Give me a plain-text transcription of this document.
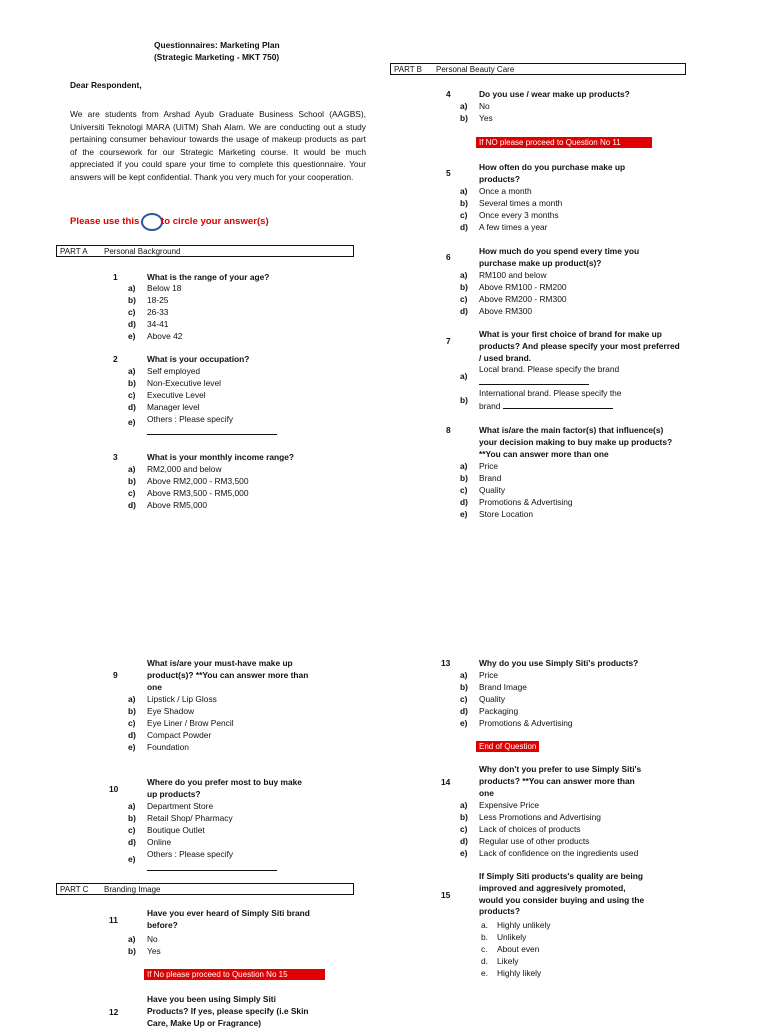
Questionnaires: Marketing Plan
(Strategic Marketing - MKT 750)
Dear Respondent,

We are students from Arshad Ayub Graduate Business School (AAGBS), Universiti Teknologi MARA (UiTM) Shah Alam. We are conducting out a study pertaining consumer behaviour towards the usage of makeup products as part of the coursework for our Strategic Marketing course. It would be much appreciated if you could spare your time to complete this questionnaire. Your answers will be kept confidential. Thank you very much for your cooperation.

Please use this to circle your answer(s)
PART A Personal Background
1	What is the range of your age?
a)	Below 18
b)	18-25
c)	26-33
d)	34-41
e)	Above 42
2	What is your occupation?
a)	Self employed
b)	Non-Executive level
c)	Executive Level
d)	Manager level
e)	Others : Please specify
3	What is your monthly income range?
a)	RM2,000 and below
b)	Above RM2,000 - RM3,500
c)	Above RM3,500 - RM5,000
d)	Above RM5,000
PART B Personal Beauty Care
4	Do you use / wear make up products?
a)	No
b)	Yes
If NO please proceed to Question No 11
5
How often do you purchase make up
products?
a)	Once a month
b)	Several times a month
c)	Once every 3 months
d)	A few times a year
6
How much do you spend every time you
purchase make up product(s)?
a)	RM100 and below
b)	Above RM100 - RM200
c)	Above RM200 - RM300
d)	Above RM300
7
What is your first choice of brand for make up
products? And please specify your most preferred
/ used brand.
a)
Local brand. Please specify the brand
b)
International brand. Please specify the
brand
8	What is/are the main factor(s) that influence(s)
your decision making to buy make up products?
**You can answer more than one
a)	Price
b)	Brand
c)	Quality
d)	Promotions & Advertising
e)	Store Location
9
What is/are your must-have make up
product(s)? **You can answer more than
one
a)	Lipstick / Lip Gloss
b)	Eye Shadow
c)	Eye Liner / Brow Pencil
d)	Compact Powder
e)	Foundation
10
Where do you prefer most to buy make
up products?
a)	Department Store
b)	Retail Shop/ Pharmacy
c)	Boutique Outlet
d)	Online
e)	Others : Please specify
PART C Branding Image
11
Have you ever heard of Simply Siti brand
before?
a)	No
b)	Yes
If No please proceed to Question No 15
12
Have you been using Simply Siti
Products? If yes, please specify (i.e Skin
Care, Make Up or Fragrance)
13	Why do you use Simply Siti's products?
a)	Price
b)	Brand Image
c)	Quality
d)	Packaging
e)	Promotions & Advertising
End of Question
14
Why don't you prefer to use Simply Siti's
products? **You can answer more than
one
a)	Expensive Price
b)	Less Promotions and Advertising
c)	Lack of choices of products
d)	Regular use of other products
e)	Lack of confidence on the ingredients used
15
If Simply Siti products's quality are being
improved and aggresively promoted,
would you consider buying and using the
products?
a. Highly unlikely
b. Unlikely
c. About even
d. Likely
e. Highly likely
